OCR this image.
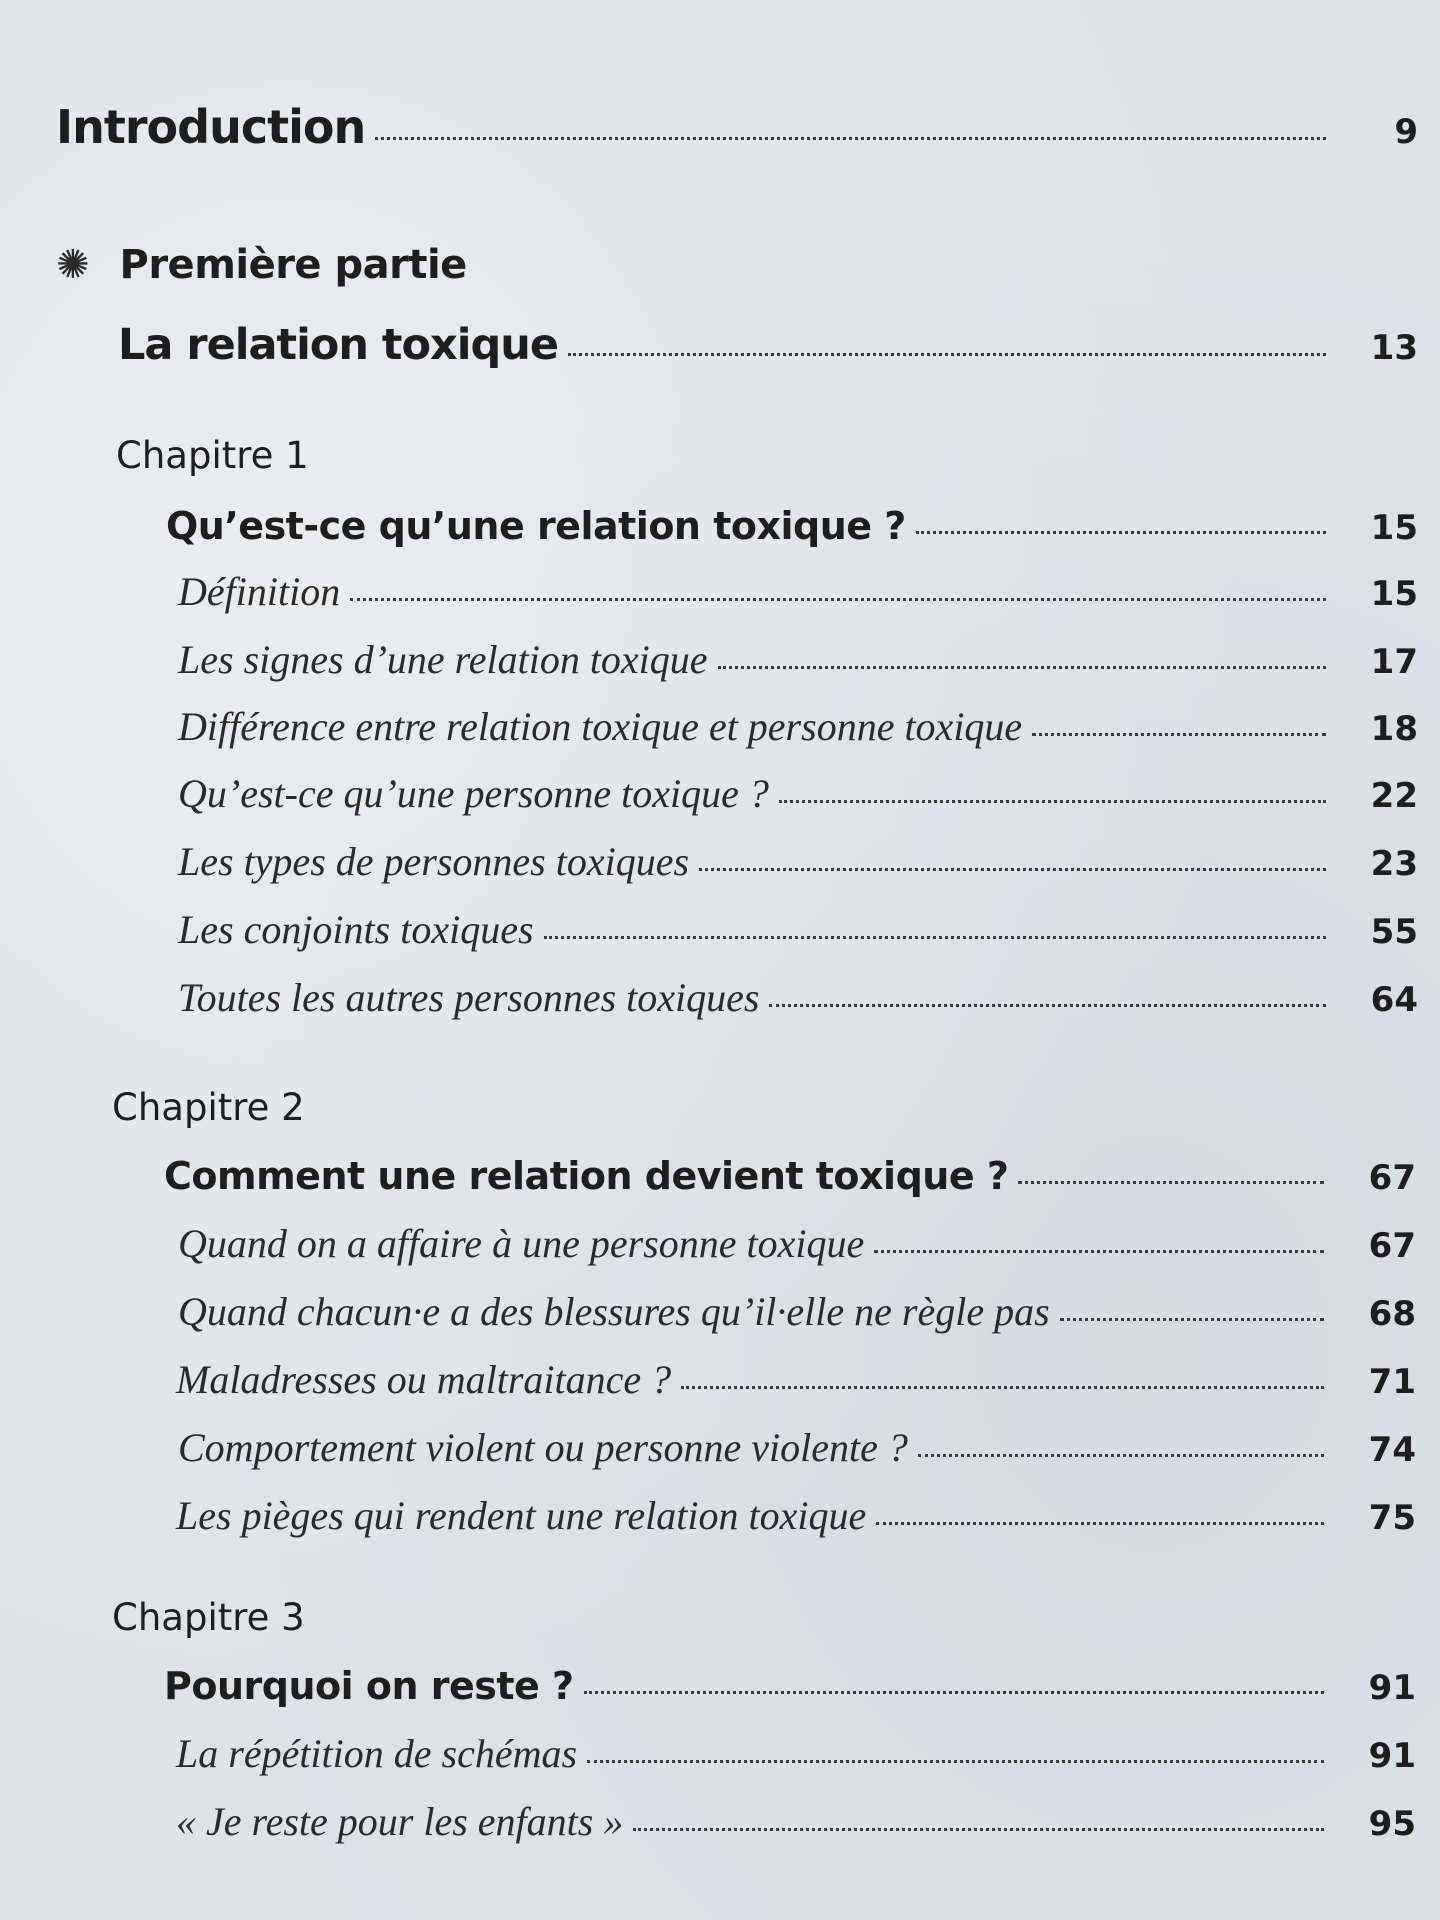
Introduction	9
✺ Première partie
La relation toxique	13
Chapitre 1
Qu’est-ce qu’une relation toxique ?	15
Définition	15
Les signes d’une relation toxique	17
Différence entre relation toxique et personne toxique	18
Qu’est-ce qu’une personne toxique ?	22
Les types de personnes toxiques	23
Les conjoints toxiques	55
Toutes les autres personnes toxiques	64
Chapitre 2
Comment une relation devient toxique ?	67
Quand on a affaire à une personne toxique	67
Quand chacun·e a des blessures qu’il·elle ne règle pas	68
Maladresses ou maltraitance ?	71
Comportement violent ou personne violente ?	74
Les pièges qui rendent une relation toxique	75
Chapitre 3
Pourquoi on reste ?	91
La répétition de schémas	91
« Je reste pour les enfants »	95
